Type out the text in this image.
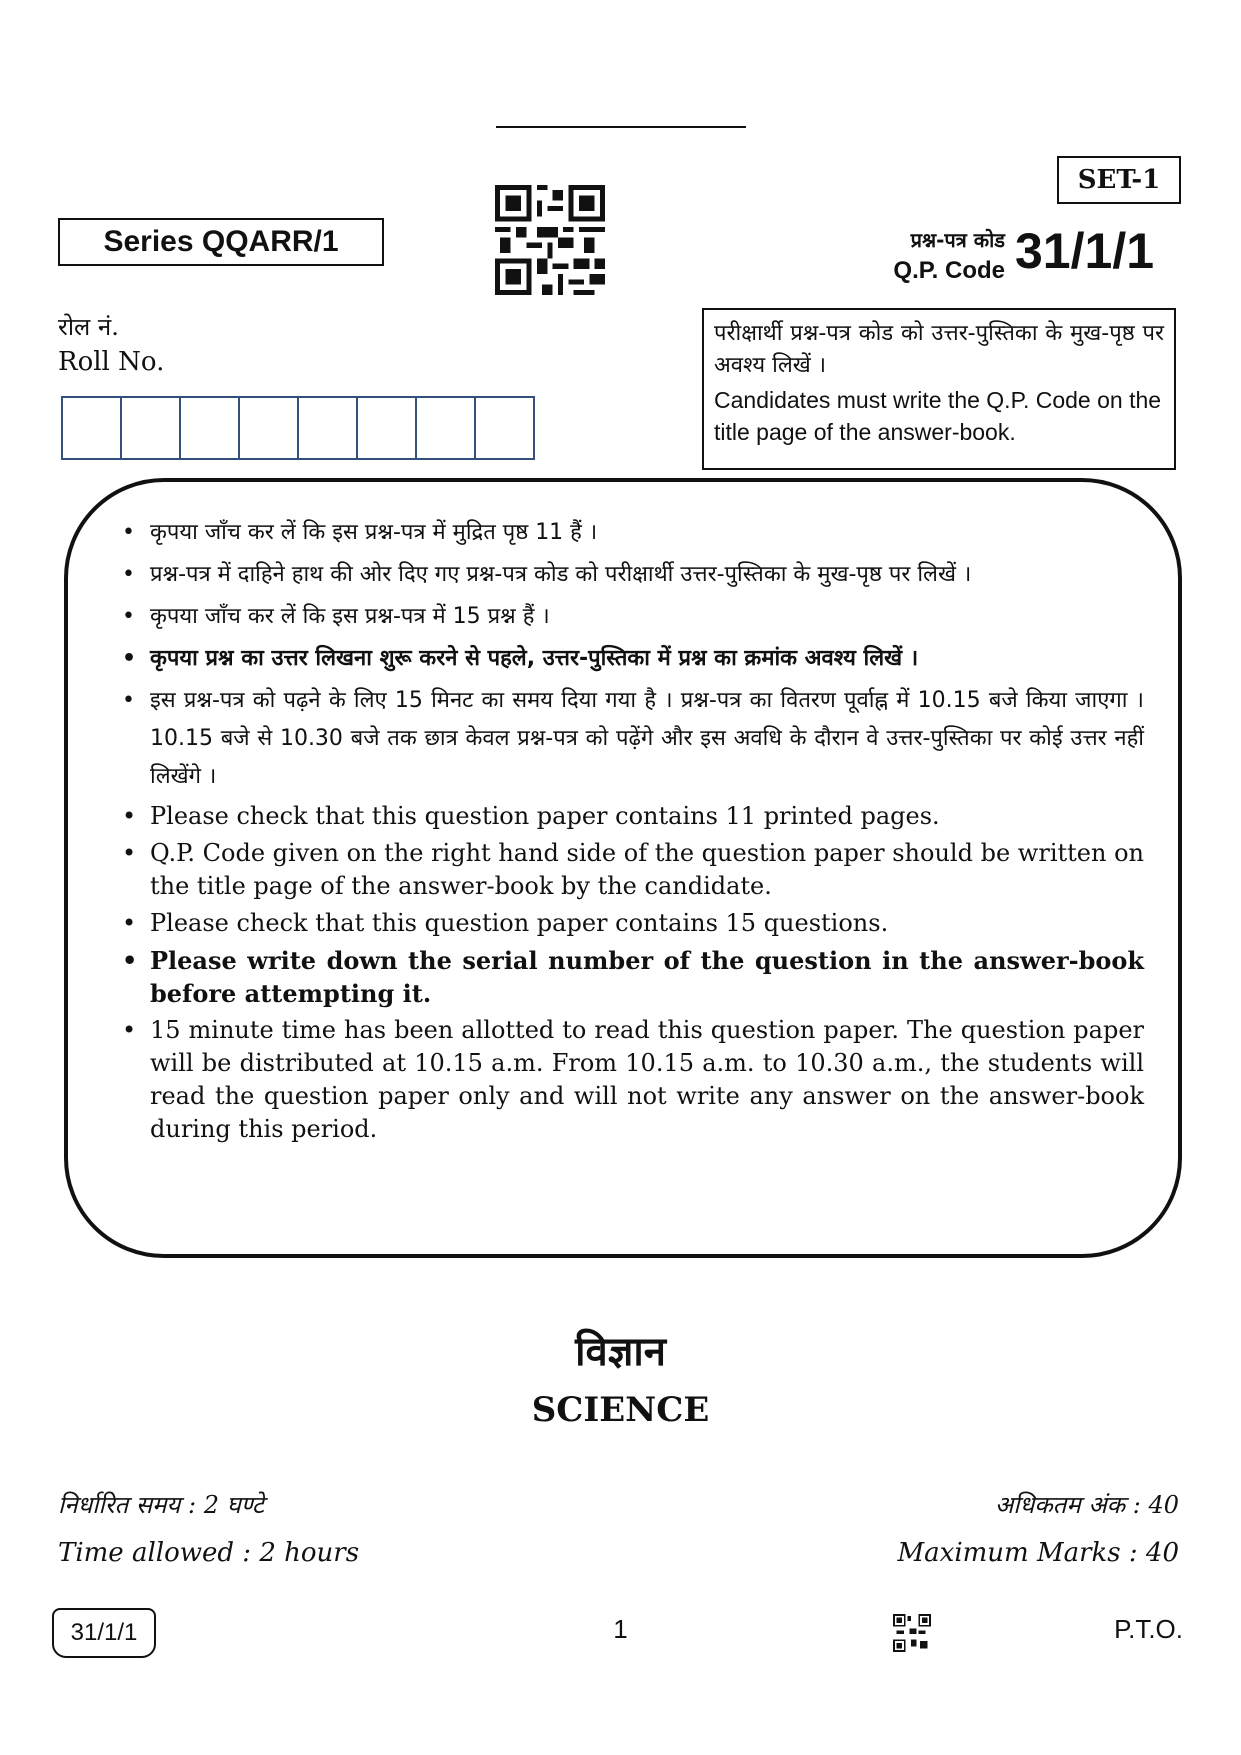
SET-1
Series QQARR/1	प्रश्न-पत्र कोड
Q.P. Code 31/1/1
रोल नं.
Roll No.
परीक्षार्थी प्रश्न-पत्र कोड को उत्तर-पुस्तिका के मुख-पृष्ठ पर अवश्य लिखें ।
Candidates must write the Q.P. Code on the title page of the answer-book.
• कृपया जाँच कर लें कि इस प्रश्न-पत्र में मुद्रित पृष्ठ 11 हैं ।
• प्रश्न-पत्र में दाहिने हाथ की ओर दिए गए प्रश्न-पत्र कोड को परीक्षार्थी उत्तर-पुस्तिका के मुख-पृष्ठ पर लिखें ।
• कृपया जाँच कर लें कि इस प्रश्न-पत्र में 15 प्रश्न हैं ।
• कृपया प्रश्न का उत्तर लिखना शुरू करने से पहले, उत्तर-पुस्तिका में प्रश्न का क्रमांक अवश्य लिखें ।
• इस प्रश्न-पत्र को पढ़ने के लिए 15 मिनट का समय दिया गया है । प्रश्न-पत्र का वितरण पूर्वाह्न में 10.15 बजे किया जाएगा । 10.15 बजे से 10.30 बजे तक छात्र केवल प्रश्न-पत्र को पढ़ेंगे और इस अवधि के दौरान वे उत्तर-पुस्तिका पर कोई उत्तर नहीं लिखेंगे ।
• Please check that this question paper contains 11 printed pages.
• Q.P. Code given on the right hand side of the question paper should be written on the title page of the answer-book by the candidate.
• Please check that this question paper contains 15 questions.
• Please write down the serial number of the question in the answer-book before attempting it.
• 15 minute time has been allotted to read this question paper. The question paper will be distributed at 10.15 a.m. From 10.15 a.m. to 10.30 a.m., the students will read the question paper only and will not write any answer on the answer-book during this period.
विज्ञान
SCIENCE
निर्धारित समय : 2 घण्टे
Time allowed : 2 hours
अधिकतम अंक : 40
Maximum Marks : 40
31/1/1	1	P.T.O.
